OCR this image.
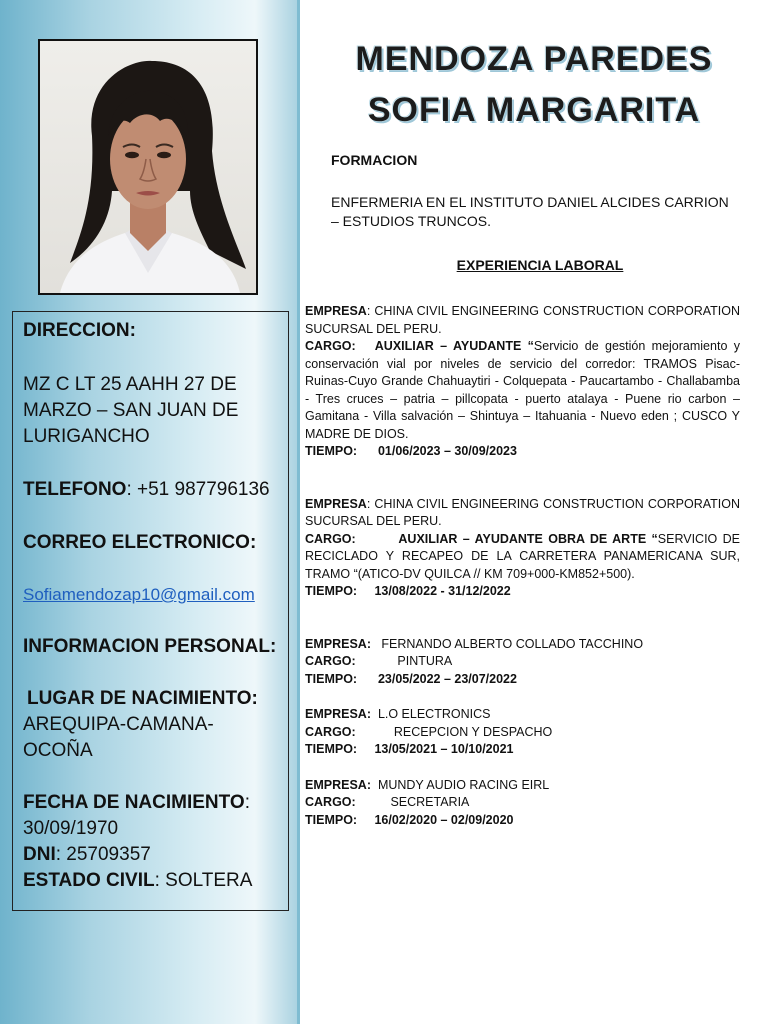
DIRECCION:
MZ C LT 25 AAHH 27 DE MARZO – SAN JUAN DE LURIGANCHO
TELEFONO: +51 987796136
CORREO ELECTRONICO:
Sofiamendozap10@gmail.com
INFORMACION PERSONAL:
LUGAR DE NACIMIENTO:
AREQUIPA-CAMANA-OCOÑA
FECHA DE NACIMIENTO: 30/09/1970
DNI: 25709357
ESTADO CIVIL: SOLTERA
MENDOZA PAREDES
SOFIA MARGARITA
FORMACION
ENFERMERIA EN EL INSTITUTO DANIEL ALCIDES CARRION – ESTUDIOS TRUNCOS.
EXPERIENCIA LABORAL

EMPRESA: CHINA CIVIL ENGINEERING CONSTRUCTION CORPORATION SUCURSAL DEL PERU.

CARGO: AUXILIAR – AYUDANTE “Servicio de gestión mejoramiento y conservación vial por niveles de servicio del corredor: TRAMOS Pisac- Ruinas-Cuyo Grande Chahuaytiri - Colquepata - Paucartambo - Challabamba - Tres cruces – patria – pillcopata - puerto atalaya - Puene rio carbon – Gamitana - Villa salvación – Shintuya – Itahuania - Nuevo eden ; CUSCO Y MADRE DE DIOS.

TIEMPO: 01/06/2023 – 30/09/2023

EMPRESA: CHINA CIVIL ENGINEERING CONSTRUCTION CORPORATION SUCURSAL DEL PERU.

CARGO:	AUXILIAR – AYUDANTE OBRA DE ARTE “SERVICIO DE RECICLADO Y RECAPEO DE LA CARRETERA PANAMERICANA SUR, TRAMO “(ATICO-DV QUILCA // KM 709+000-KM852+500).

TIEMPO: 13/08/2022 - 31/12/2022

EMPRESA: FERNANDO ALBERTO COLLADO TACCHINO

CARGO:	PINTURA

TIEMPO: 23/05/2022 – 23/07/2022

EMPRESA: L.O ELECTRONICS

CARGO:	RECEPCION Y DESPACHO

TIEMPO: 13/05/2021 – 10/10/2021

EMPRESA: MUNDY AUDIO RACING EIRL

CARGO:	SECRETARIA

TIEMPO: 16/02/2020 – 02/09/2020
